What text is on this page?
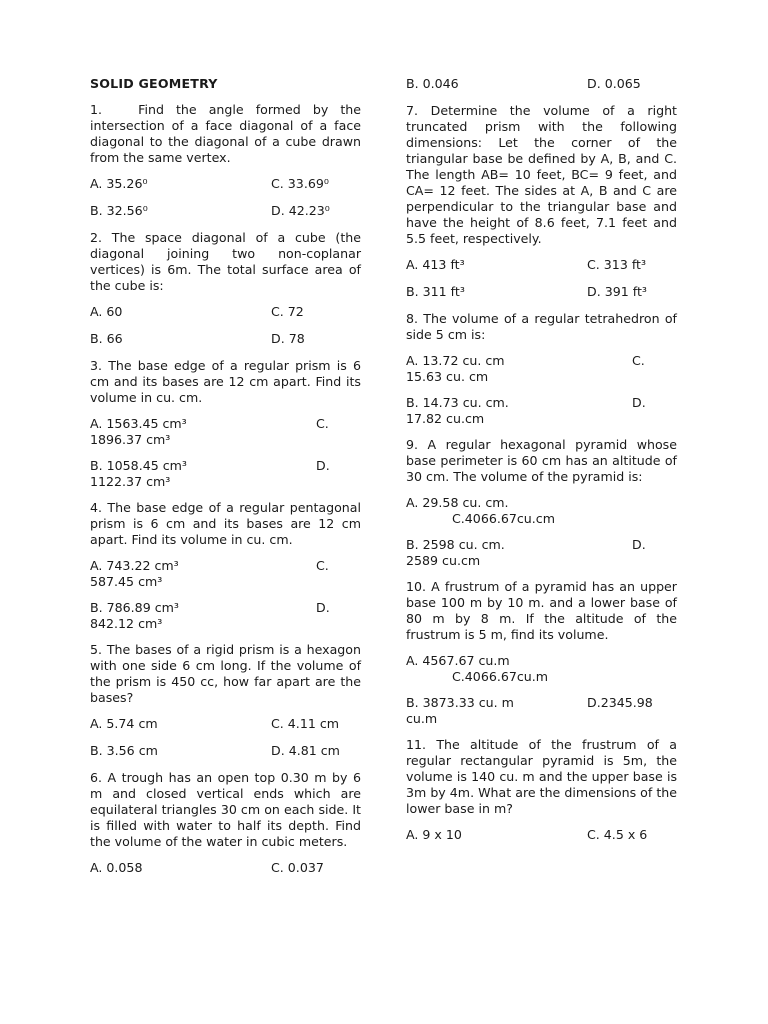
SOLID GEOMETRY
1.   Find the angle formed by the intersection of a face diagonal of a face diagonal to the diagonal of a cube drawn from the same vertex.
A. 35.26⁰	C. 33.69⁰
B. 32.56⁰	D. 42.23⁰
2. The space diagonal of a cube (the diagonal joining two non-coplanar vertices) is 6m. The total surface area of the cube is:
A. 60	C. 72
B. 66	D. 78
3. The base edge of a regular prism is 6 cm and its bases are 12 cm apart. Find its volume in cu. cm.
A. 1563.45 cm³	C.
1896.37 cm³
B. 1058.45 cm³	D.
1122.37 cm³
4. The base edge of a regular pentagonal prism is 6 cm and its bases are 12 cm apart. Find its volume in cu. cm.
A. 743.22 cm³	C.
587.45 cm³
B. 786.89 cm³	D.
842.12 cm³
5. The bases of a rigid prism is a hexagon with one side 6 cm long. If the volume of the prism is 450 cc, how far apart are the bases?
A. 5.74 cm	C. 4.11 cm
B. 3.56 cm	D. 4.81 cm
6. A trough has an open top 0.30 m by 6 m and closed vertical ends which are equilateral triangles 30 cm on each side. It is filled with water to half its depth. Find the volume of the water in cubic meters.
A. 0.058	C. 0.037
B. 0.046	D. 0.065
7. Determine the volume of a right truncated prism with the following dimensions: Let the corner of the triangular base be defined by A, B, and C. The length AB= 10 feet, BC= 9 feet, and CA= 12 feet. The sides at A, B and C are perpendicular to the triangular base and have the height of 8.6 feet, 7.1 feet and 5.5 feet, respectively.
A. 413 ft³	C. 313 ft³
B. 311 ft³	D. 391 ft³
8. The volume of a regular tetrahedron of side 5 cm is:
A. 13.72 cu. cm	C.
15.63 cu. cm
B. 14.73 cu. cm.	D.
17.82 cu.cm
9. A regular hexagonal pyramid whose base perimeter is 60 cm has an altitude of 30 cm. The volume of the pyramid is:
A. 29.58 cu. cm.
C.4066.67cu.cm
B. 2598 cu. cm.	D.
2589 cu.cm
10. A frustrum of a pyramid has an upper base 100 m by 10 m. and a lower base of 80 m by 8 m. If the altitude of the frustrum is 5 m, find its volume.
A. 4567.67 cu.m
C.4066.67cu.m
B. 3873.33 cu. m	D.2345.98
cu.m
11. The altitude of the frustrum of a regular rectangular pyramid is 5m, the volume is 140 cu. m and the upper base is 3m by 4m. What are the dimensions of the lower base in m?
A. 9 x 10	C. 4.5 x 6
